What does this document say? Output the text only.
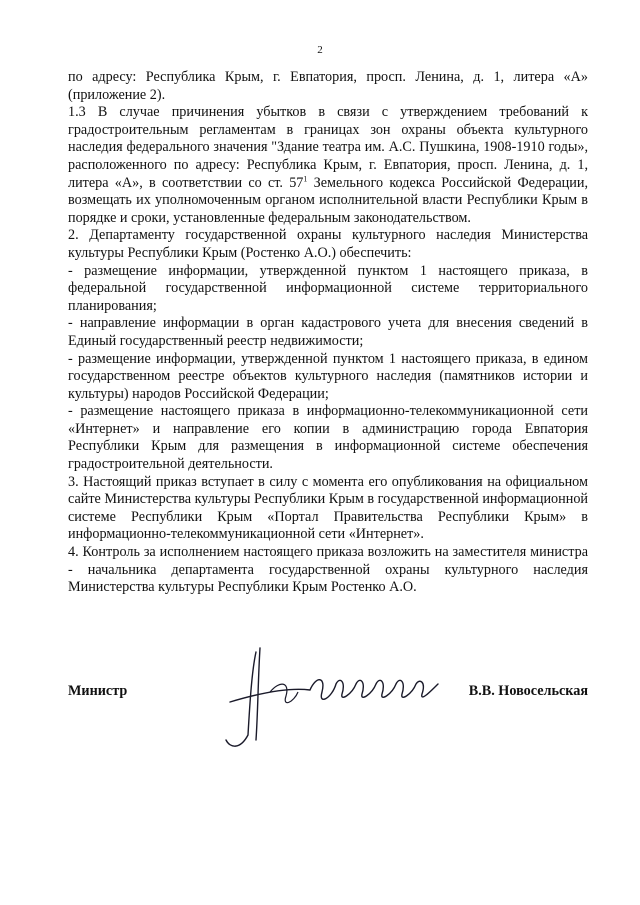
2

по адресу: Республика Крым, г. Евпатория, просп. Ленина, д. 1, литера «А» (приложение 2).

1.3 В случае причинения убытков в связи с утверждением требований к градостроительным регламентам в границах зон охраны объекта культурного наследия федерального значения "Здание театра им. А.С. Пушкина, 1908-1910 годы», расположенного по адресу: Республика Крым, г. Евпатория, просп. Ленина, д. 1, литера «А», в соответствии со ст. $57^1$ Земельного кодекса Российской Федерации, возмещать их уполномоченным органом исполнительной власти Республики Крым в порядке и сроки, установленные федеральным законодательством.

2. Департаменту государственной охраны культурного наследия Министерства культуры Республики Крым (Ростенко А.О.) обеспечить:

- размещение информации, утвержденной пунктом 1 настоящего приказа, в федеральной государственной информационной системе территориального планирования;

- направление информации в орган кадастрового учета для внесения сведений в Единый государственный реестр недвижимости;

- размещение информации, утвержденной пунктом 1 настоящего приказа, в едином государственном реестре объектов культурного наследия (памятников истории и культуры) народов Российской Федерации;

- размещение настоящего приказа в информационно-телекоммуникационной сети «Интернет» и направление его копии в администрацию города Евпатория Республики Крым для размещения в информационной системе обеспечения градостроительной деятельности.

3. Настоящий приказ вступает в силу с момента его опубликования на официальном сайте Министерства культуры Республики Крым в государственной информационной системе Республики Крым «Портал Правительства Республики Крым» в информационно-телекоммуникационной сети «Интернет».

4. Контроль за исполнением настоящего приказа возложить на заместителя министра - начальника департамента государственной охраны культурного наследия Министерства культуры Республики Крым Ростенко А.О.

Министр	В.В. Новосельская
